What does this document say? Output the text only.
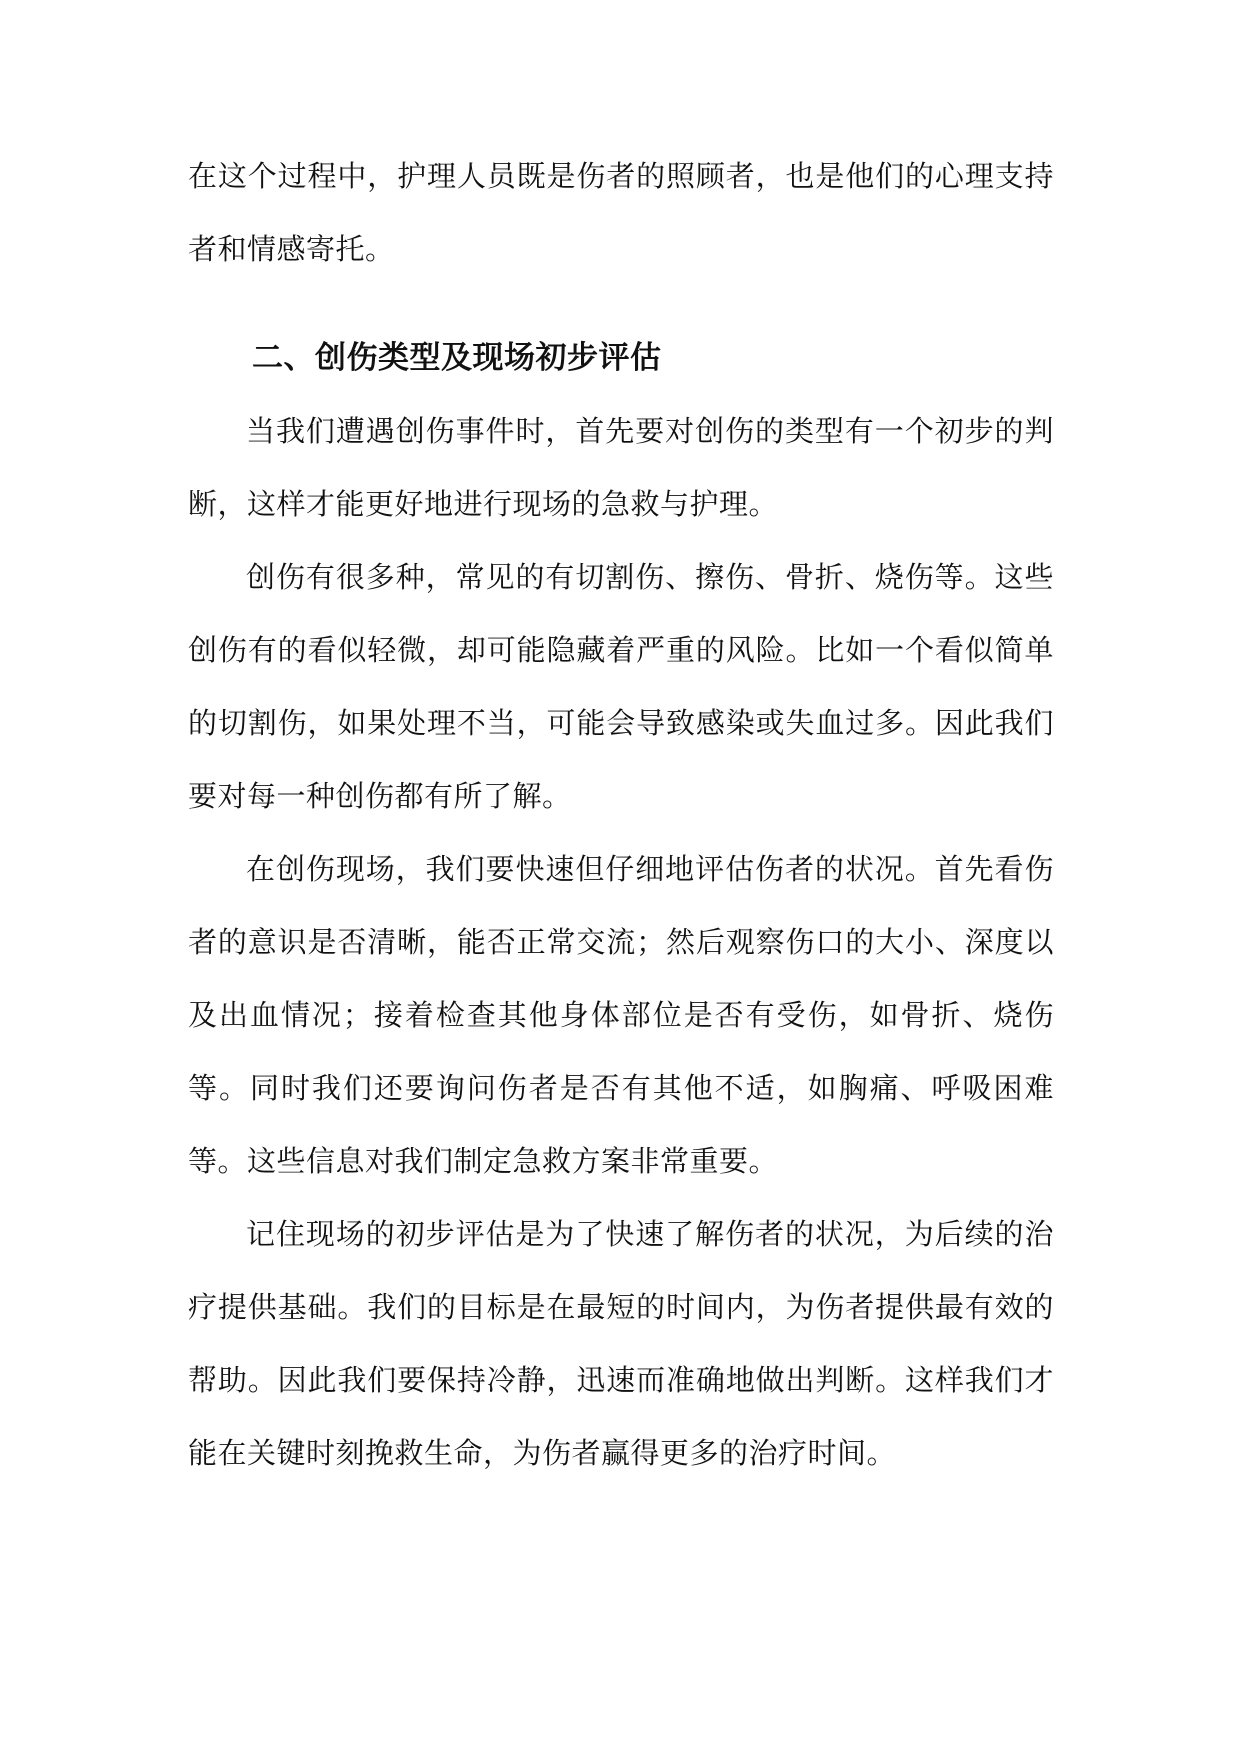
在这个过程中，护理人员既是伤者的照顾者，也是他们的心理支持者和情感寄托。

二、创伤类型及现场初步评估

当我们遭遇创伤事件时，首先要对创伤的类型有一个初步的判断，这样才能更好地进行现场的急救与护理。

创伤有很多种，常见的有切割伤、擦伤、骨折、烧伤等。这些创伤有的看似轻微，却可能隐藏着严重的风险。比如一个看似简单的切割伤，如果处理不当，可能会导致感染或失血过多。因此我们要对每一种创伤都有所了解。

在创伤现场，我们要快速但仔细地评估伤者的状况。首先看伤者的意识是否清晰，能否正常交流；然后观察伤口的大小、深度以及出血情况；接着检查其他身体部位是否有受伤，如骨折、烧伤等。同时我们还要询问伤者是否有其他不适，如胸痛、呼吸困难等。这些信息对我们制定急救方案非常重要。

记住现场的初步评估是为了快速了解伤者的状况，为后续的治疗提供基础。我们的目标是在最短的时间内，为伤者提供最有效的帮助。因此我们要保持冷静，迅速而准确地做出判断。这样我们才能在关键时刻挽救生命，为伤者赢得更多的治疗时间。
